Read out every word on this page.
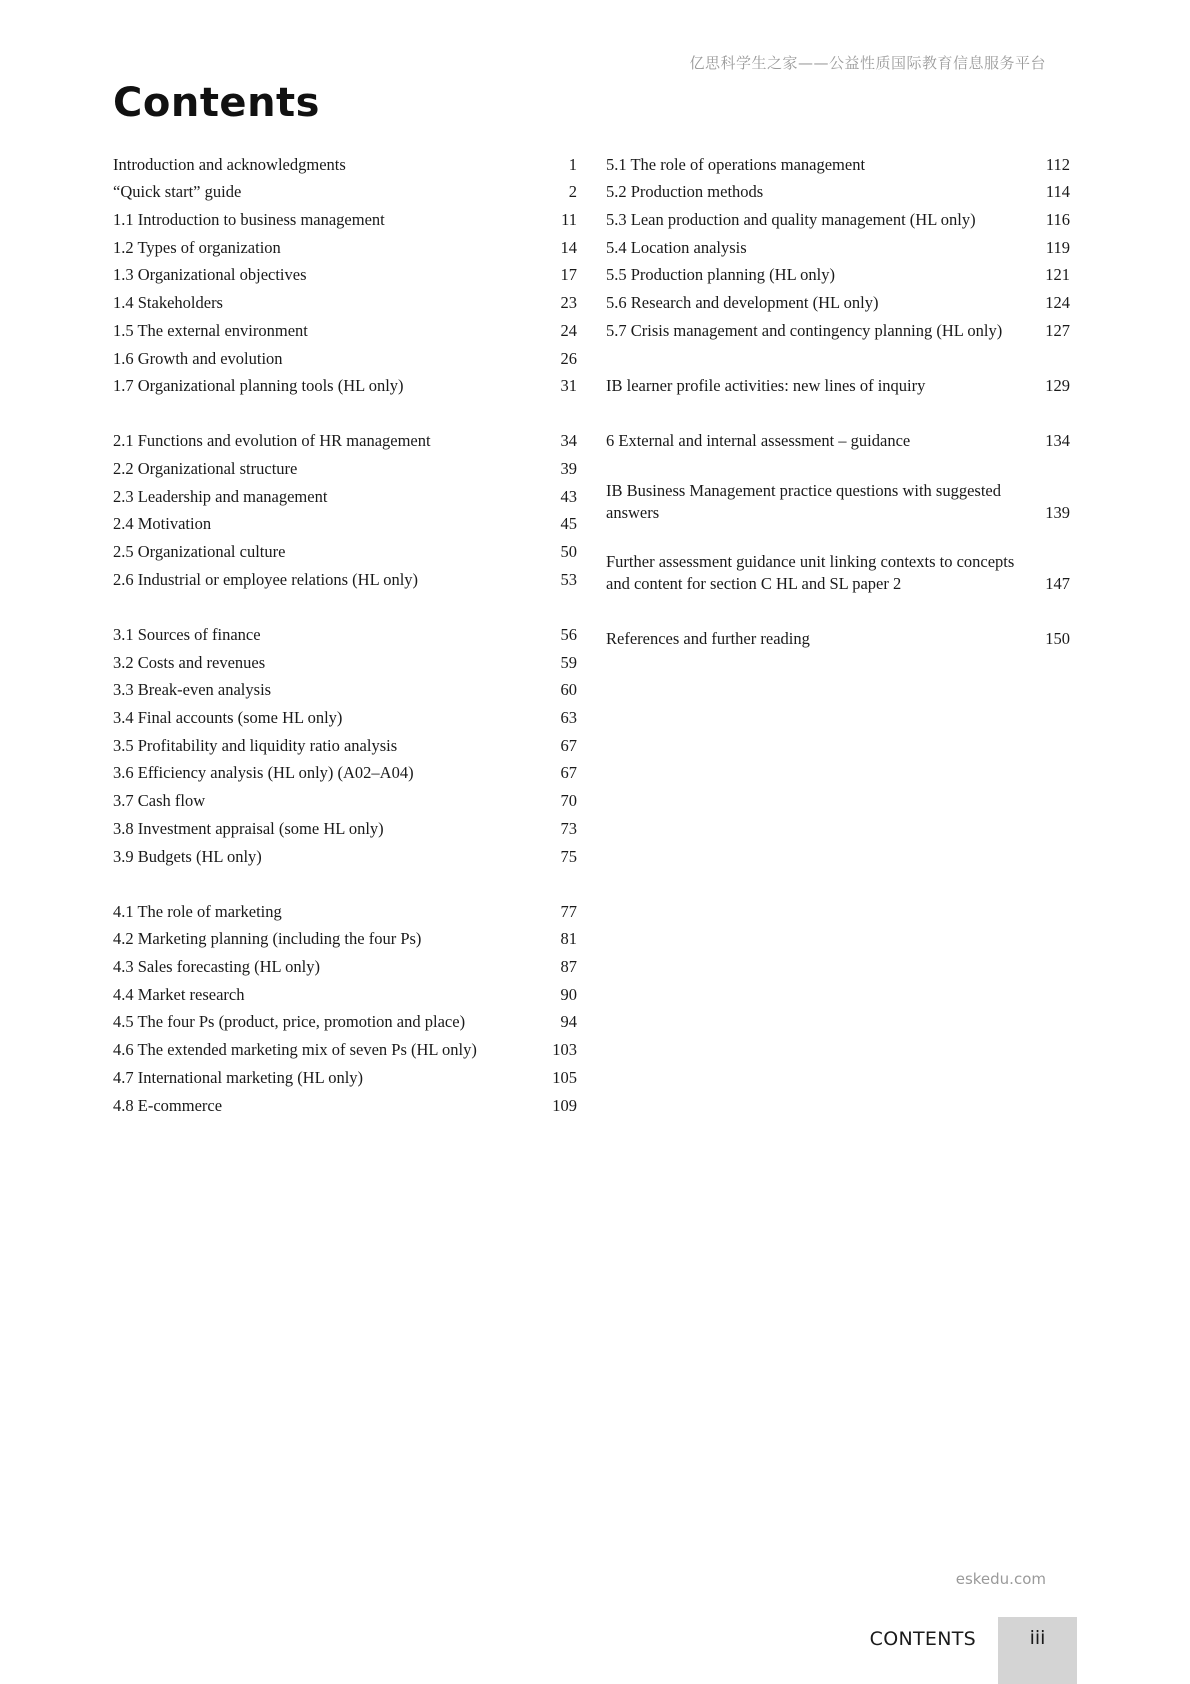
亿思科学生之家——公益性质国际教育信息服务平台
Contents
Introduction and acknowledgments	1
“Quick start” guide	2
1.1 Introduction to business management	11
1.2 Types of organization	14
1.3 Organizational objectives	17
1.4 Stakeholders	23
1.5 The external environment	24
1.6 Growth and evolution	26
1.7 Organizational planning tools (HL only)	31
2.1 Functions and evolution of HR management	34
2.2 Organizational structure	39
2.3 Leadership and management	43
2.4 Motivation	45
2.5 Organizational culture	50
2.6 Industrial or employee relations (HL only)	53
3.1 Sources of finance	56
3.2 Costs and revenues	59
3.3 Break-even analysis	60
3.4 Final accounts (some HL only)	63
3.5 Profitability and liquidity ratio analysis	67
3.6 Efficiency analysis (HL only) (A02–A04)	67
3.7 Cash flow	70
3.8 Investment appraisal (some HL only)	73
3.9 Budgets (HL only)	75
4.1 The role of marketing	77
4.2 Marketing planning (including the four Ps)	81
4.3 Sales forecasting (HL only)	87
4.4 Market research	90
4.5 The four Ps (product, price, promotion and place)	94
4.6 The extended marketing mix of seven Ps (HL only)	103
4.7 International marketing (HL only)	105
4.8 E-commerce	109
5.1 The role of operations management	112
5.2 Production methods	114
5.3 Lean production and quality management (HL only)	116
5.4 Location analysis	119
5.5 Production planning (HL only)	121
5.6 Research and development (HL only)	124
5.7 Crisis management and contingency planning (HL only)	127
IB learner profile activities: new lines of inquiry	129
6 External and internal assessment – guidance	134
IB Business Management practice questions with suggested answers	139
Further assessment guidance unit linking contexts to concepts and content for section C HL and SL paper 2	147
References and further reading	150
eskedu.com
CONTENTS	iii
